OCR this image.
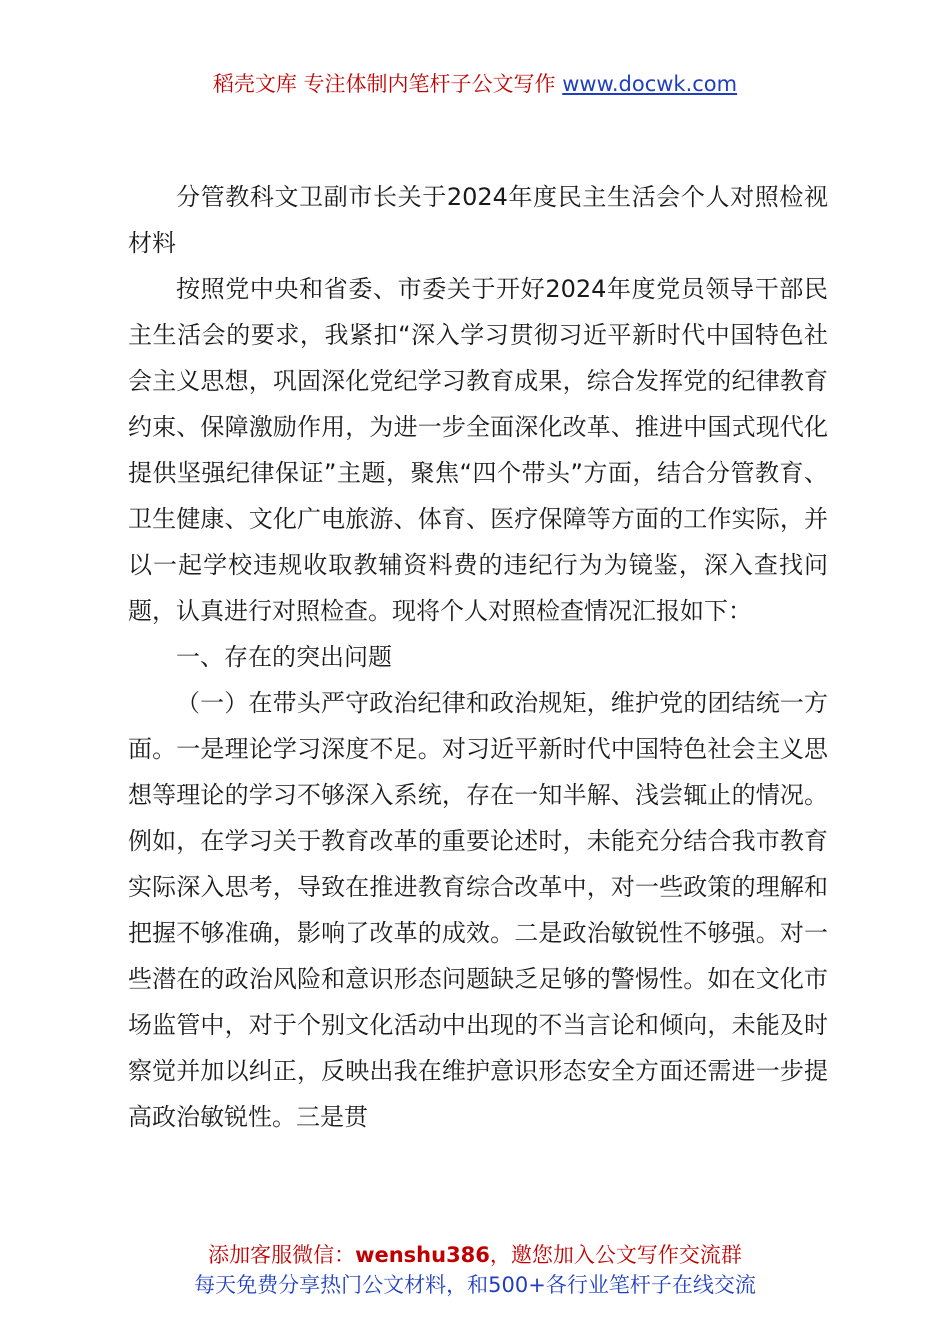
稻壳文库 专注体制内笔杆子公文写作 www.docwk.com

分管教科文卫副市长关于2024年度民主生活会个人对照检视材料

按照党中央和省委、市委关于开好2024年度党员领导干部民主生活会的要求，我紧扣“深入学习贯彻习近平新时代中国特色社会主义思想，巩固深化党纪学习教育成果，综合发挥党的纪律教育约束、保障激励作用，为进一步全面深化改革、推进中国式现代化提供坚强纪律保证”主题，聚焦“四个带头”方面，结合分管教育、卫生健康、文化广电旅游、体育、医疗保障等方面的工作实际，并以一起学校违规收取教辅资料费的违纪行为为镜鉴，深入查找问题，认真进行对照检查。现将个人对照检查情况汇报如下：

一、存在的突出问题

（一）在带头严守政治纪律和政治规矩，维护党的团结统一方面。一是理论学习深度不足。对习近平新时代中国特色社会主义思想等理论的学习不够深入系统，存在一知半解、浅尝辄止的情况。例如，在学习关于教育改革的重要论述时，未能充分结合我市教育实际深入思考，导致在推进教育综合改革中，对一些政策的理解和把握不够准确，影响了改革的成效。二是政治敏锐性不够强。对一些潜在的政治风险和意识形态问题缺乏足够的警惕性。如在文化市场监管中，对于个别文化活动中出现的不当言论和倾向，未能及时察觉并加以纠正，反映出我在维护意识形态安全方面还需进一步提高政治敏锐性。三是贯

添加客服微信：wenshu386，邀您加入公文写作交流群
每天免费分享热门公文材料，和500+各行业笔杆子在线交流
